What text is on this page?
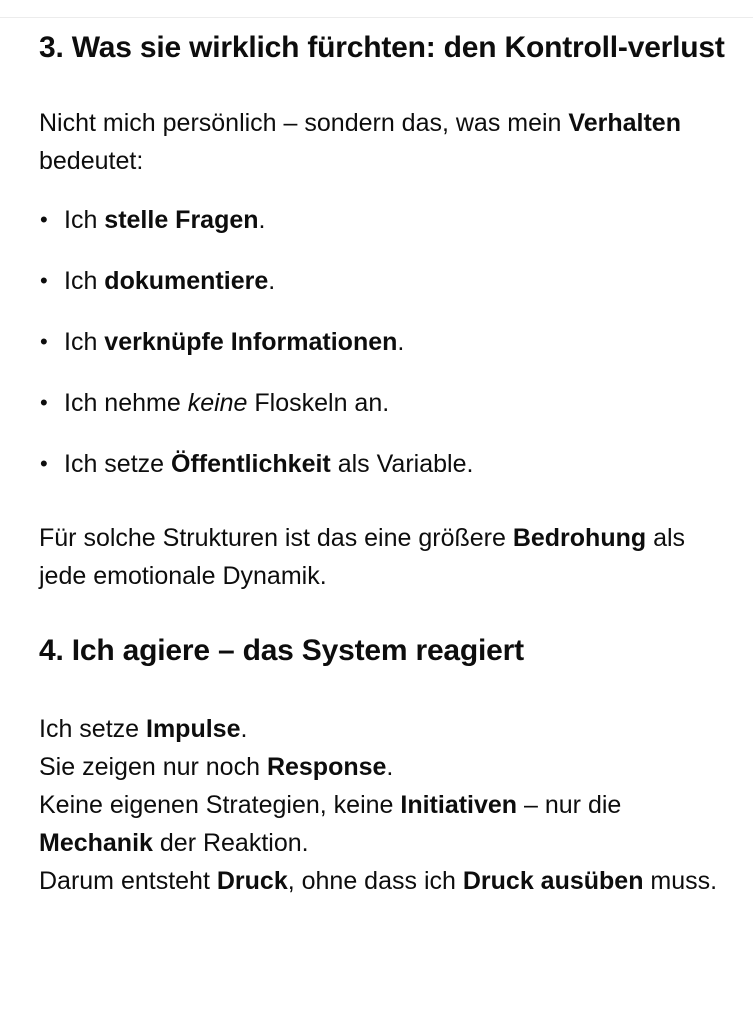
3. Was sie wirklich fürchten: den Kontroll-verlust

Nicht mich persönlich – sondern das, was mein Verhalten bedeutet:

• Ich stelle Fragen.
• Ich dokumentiere.
• Ich verknüpfe Informationen.
• Ich nehme keine Floskeln an.
• Ich setze Öffentlichkeit als Variable.

Für solche Strukturen ist das eine größere Bedrohung als jede emotionale Dynamik.

4. Ich agiere – das System reagiert

Ich setze Impulse.
Sie zeigen nur noch Response.
Keine eigenen Strategien, keine Initiativen – nur die Mechanik der Reaktion.
Darum entsteht Druck, ohne dass ich Druck ausüben muss.
